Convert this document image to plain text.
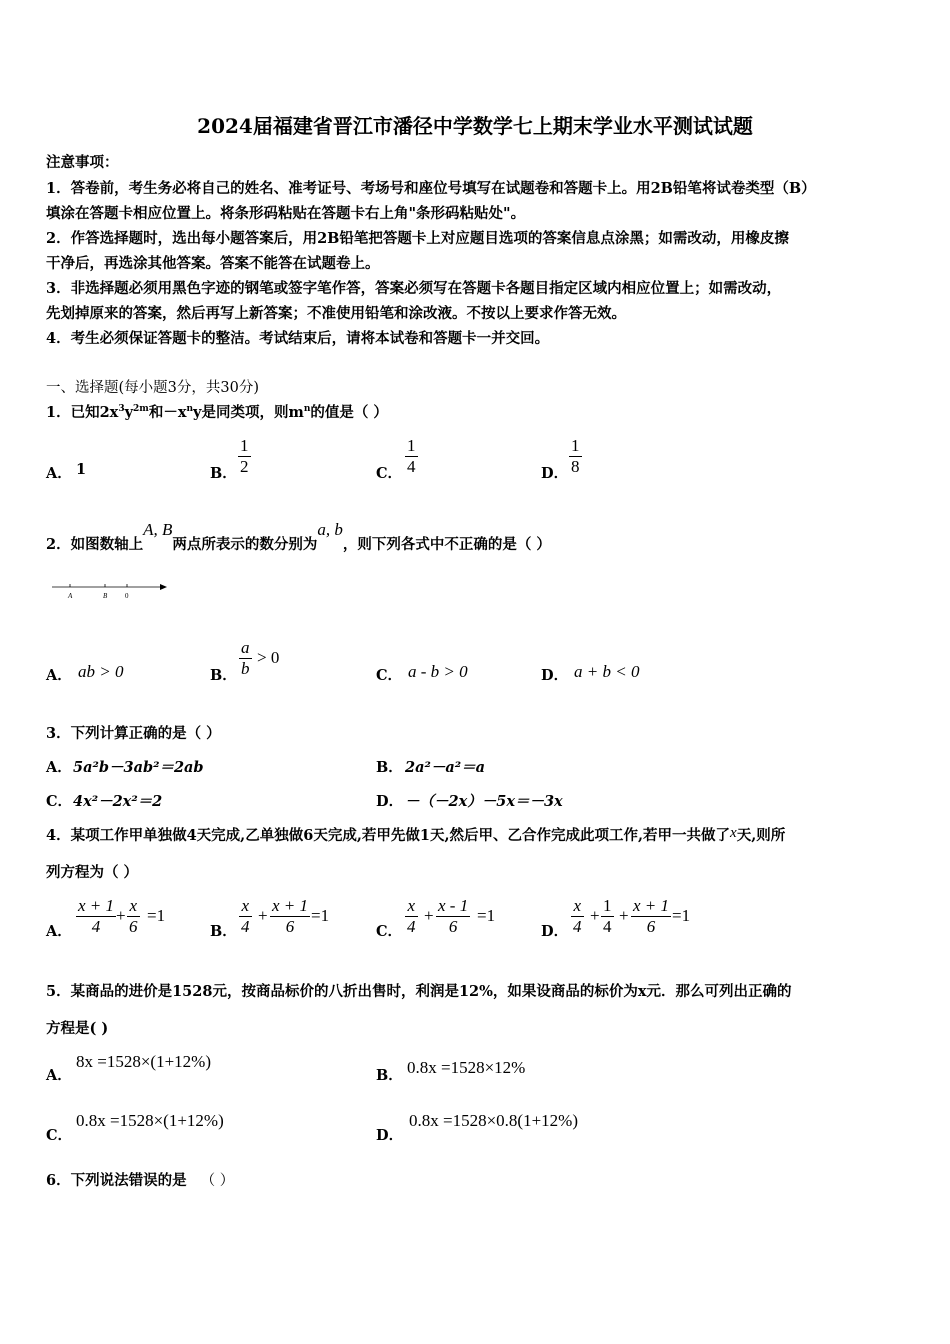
2024届福建省晋江市潘径中学数学七上期末学业水平测试试题
注意事项：
1．答卷前，考生务必将自己的姓名、准考证号、考场号和座位号填写在试题卷和答题卡上。用2B铅笔将试卷类型（B）
填涂在答题卡相应位置上。将条形码粘贴在答题卡右上角"条形码粘贴处"。
2．作答选择题时，选出每小题答案后，用2B铅笔把答题卡上对应题目选项的答案信息点涂黑；如需改动，用橡皮擦
干净后，再选涂其他答案。答案不能答在试题卷上。
3．非选择题必须用黑色字迹的钢笔或签字笔作答，答案必须写在答题卡各题目指定区域内相应位置上；如需改动，
先划掉原来的答案，然后再写上新答案；不准使用铅笔和涂改液。不按以上要求作答无效。
4．考生必须保证答题卡的整洁。考试结束后，请将本试卷和答题卡一并交回。
一、选择题(每小题3分，共30分)
1．已知$2x^3y^{2m}$和$-x^ny$是同类项，则$m^n$的值是（ ）
A． 1	B． $\frac{1}{2}$	C． $\frac{1}{4}$	D． $\frac{1}{8}$
2．如图数轴上A, B两点所表示的数分别为a, b，则下列各式中不正确的是（ ）
A	B	0
A． ab > 0	B． $\frac{a}{b} > 0$
C． a - b > 0	D． a + b < 0
3．下列计算正确的是（ ）
A． 5a²b－3ab²＝2ab	B． 2a²－a²＝a
C． 4x²－2x²＝2	D． －（－2x）－5x＝－3x
4．某项工作甲单独做4天完成,乙单独做6天完成,若甲先做1天,然后甲、乙合作完成此项工作,若甲一共做了x天,则所
列方程为（ ）
A． $\frac{x + 1}{4} + \frac{x}{6} =1$
B． $\frac{x}{4} + \frac{x + 1}{6} =1$
C． $\frac{x}{4} + \frac{x - 1}{6} =1$
D． $\frac{x}{4} + \frac{1}{4} + \frac{x + 1}{6} =1$
5．某商品的进价是1528元，按商品标价的八折出售时，利润是12%，如果设商品的标价为x元．那么可列出正确的
方程是( )
A．
8x =1528×(1+12%)
B． 0.8x =1528×12%
C．
0.8x =1528×(1+12%)
D．
0.8x =1528×0.8(1+12%)
6．下列说法错误的是 （ ）
